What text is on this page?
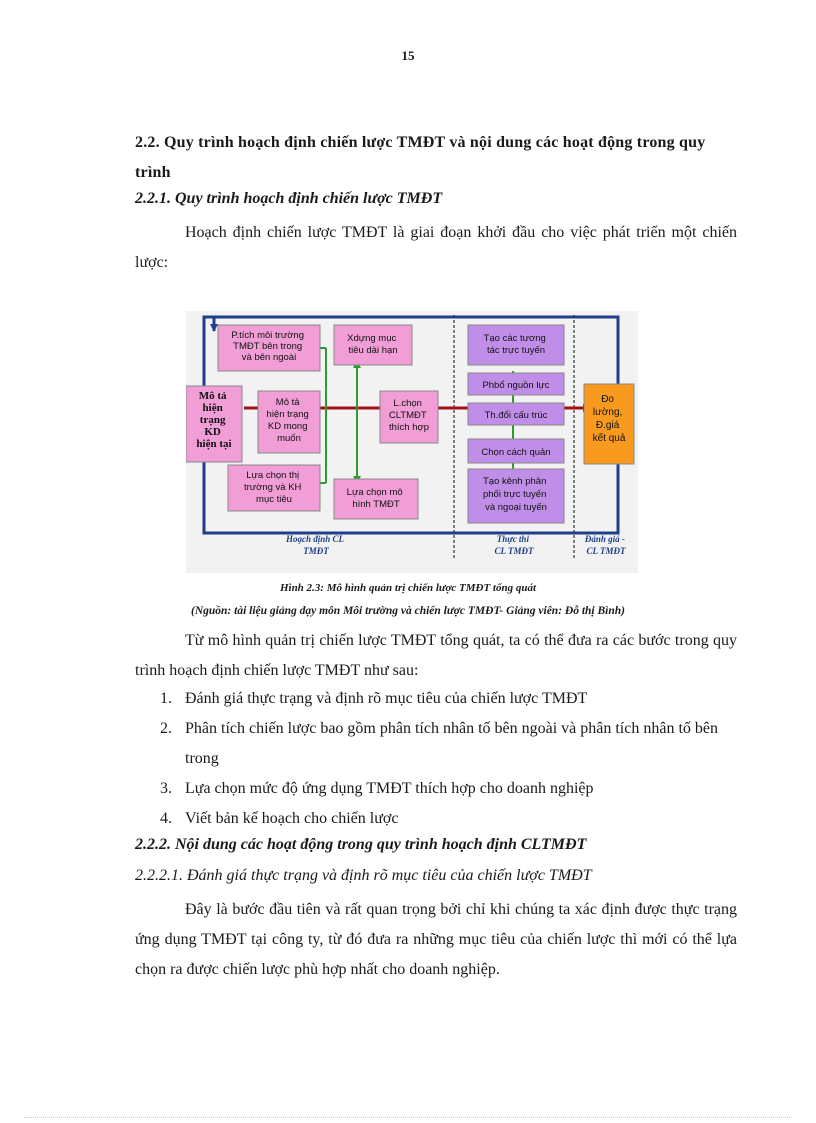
15
2.2. Quy trình hoạch định chiến lược TMĐT và nội dung các hoạt động trong quy trình
2.2.1. Quy trình hoạch định chiến lược TMĐT
Hoạch định chiến lược TMĐT là giai đoạn khởi đầu cho việc phát triển một chiến lược:
Mô tả hiện trạng KD hiện tại
P.tích môi trường TMĐT bên trong và bên ngoài
Mô tả hiện trạng KD mong muốn
Lựa chọn thị trường và KH mục tiêu
Xdựng mục tiêu dài hạn
L.chọn CLTMĐT thích hợp
Lựa chọn mô hình TMĐT
Tạo các tương tác trực tuyến
Phbổ nguồn lực
Th.đổi cấu trúc
Chọn cách quản
Tạo kênh phân phối trực tuyến và ngoại tuyến
Đo lường, Đ.giá kết quả
Hoạch định CL TMĐT
Thực thi CL TMĐT
Đánh giá - CL TMĐT
Hình 2.3: Mô hình quản trị chiến lược TMĐT tổng quát
(Nguồn: tài liệu giảng dạy môn Môi trường và chiến lược TMĐT- Giảng viên: Đỗ thị Bình)
Từ mô hình quản trị chiến lược TMĐT tổng quát, ta có thể đưa ra các bước trong quy trình hoạch định chiến lược TMĐT như sau:
1. Đánh giá thực trạng và định rõ mục tiêu của chiến lược TMĐT
2. Phân tích chiến lược bao gồm phân tích nhân tố bên ngoài và phân tích nhân tố bên trong
3. Lựa chọn mức độ ứng dụng TMĐT thích hợp cho doanh nghiệp
4. Viết bản kế hoạch cho chiến lược
2.2.2. Nội dung các hoạt động trong quy trình hoạch định CLTMĐT
2.2.2.1. Đánh giá thực trạng và định rõ mục tiêu của chiến lược TMĐT
Đây là bước đầu tiên và rất quan trọng bởi chỉ khi chúng ta xác định được thực trạng ứng dụng TMĐT tại công ty, từ đó đưa ra những mục tiêu của chiến lược thì mới có thể lựa chọn ra được chiến lược phù hợp nhất cho doanh nghiệp.
